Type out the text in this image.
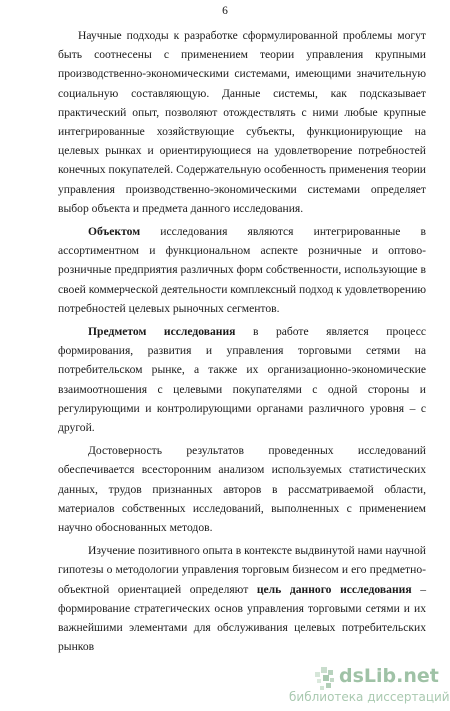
6

Научные подходы к разработке сформулированной проблемы могут быть соотнесены с применением теории управления крупными производственно-экономическими системами, имеющими значительную социальную составляющую. Данные системы, как подсказывает практический опыт, позволяют отождествлять с ними любые крупные интегрированные хозяйствующие субъекты, функционирующие на целевых рынках и ориентирующиеся на удовлетворение потребностей конечных покупателей. Содержательную особенность применения теории управления производственно-экономическими системами определяет выбор объекта и предмета данного исследования.

Объектом исследования являются интегрированные в ассортиментном и функциональном аспекте розничные и оптово-розничные предприятия различных форм собственности, использующие в своей коммерческой деятельности комплексный подход к удовлетворению потребностей целевых рыночных сегментов.

Предметом исследования в работе является процесс формирования, развития и управления торговыми сетями на потребительском рынке, а также их организационно-экономические взаимоотношения с целевыми покупателями с одной стороны и регулирующими и контролирующими органами различного уровня – с другой.

Достоверность результатов проведенных исследований обеспечивается всесторонним анализом используемых статистических данных, трудов признанных авторов в рассматриваемой области, материалов собственных исследований, выполненных с применением научно обоснованных методов.

Изучение позитивного опыта в контексте выдвинутой нами научной гипотезы о методологии управления торговым бизнесом и его предметно-объектной ориентацией определяют цель данного исследования – формирование стратегических основ управления торговыми сетями и их важнейшими элементами для обслуживания целевых потребительских рынков

dsLib.net
библиотека диссертаций
